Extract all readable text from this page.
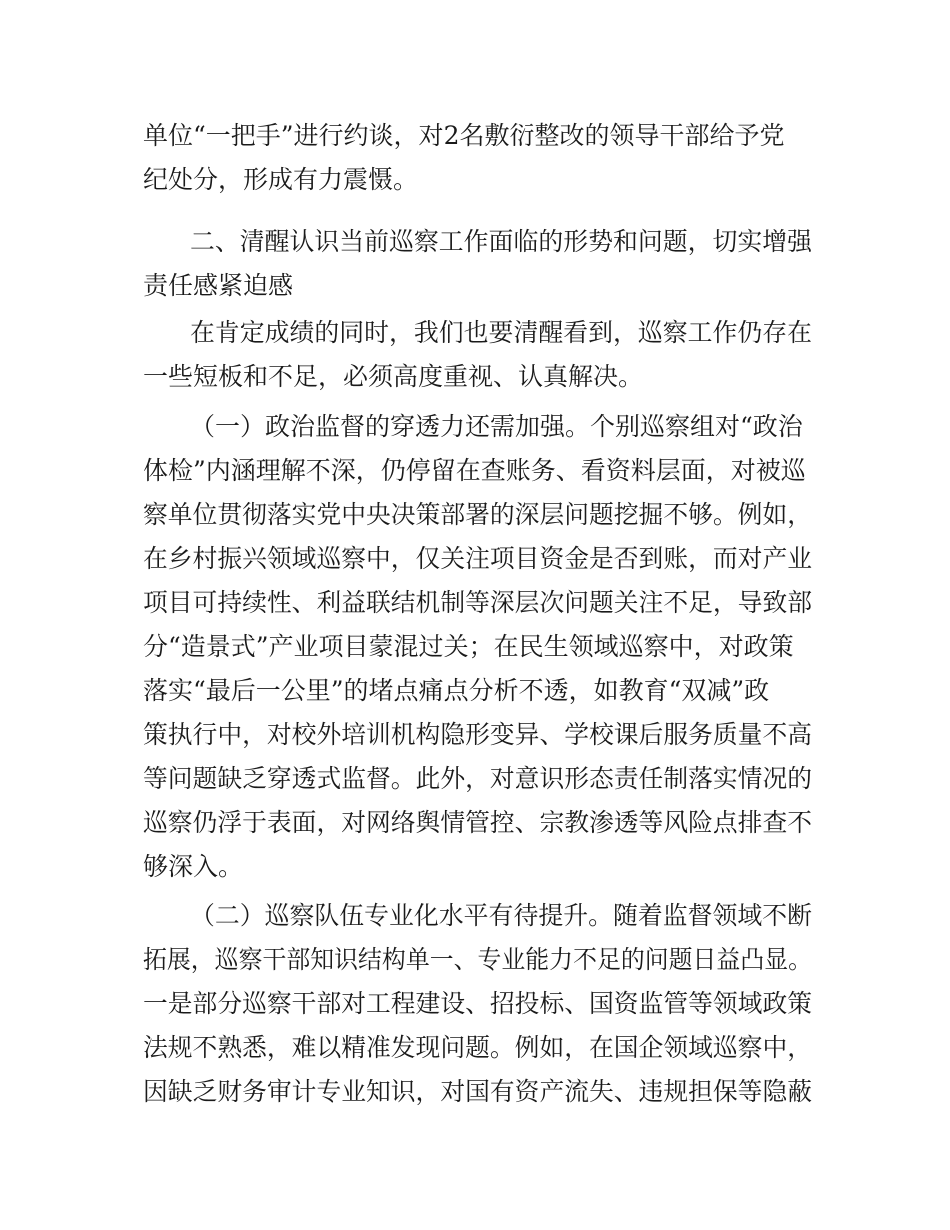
单位“一把手”进行约谈，对2名敷衍整改的领导干部给予党
纪处分，形成有力震慑。
二、清醒认识当前巡察工作面临的形势和问题，切实增强
责任感紧迫感
在肯定成绩的同时，我们也要清醒看到，巡察工作仍存在
一些短板和不足，必须高度重视、认真解决。
（一）政治监督的穿透力还需加强。个别巡察组对“政治
体检”内涵理解不深，仍停留在查账务、看资料层面，对被巡
察单位贯彻落实党中央决策部署的深层问题挖掘不够。例如，
在乡村振兴领域巡察中，仅关注项目资金是否到账，而对产业
项目可持续性、利益联结机制等深层次问题关注不足，导致部
分“造景式”产业项目蒙混过关；在民生领域巡察中，对政策
落实“最后一公里”的堵点痛点分析不透，如教育“双减”政
策执行中，对校外培训机构隐形变异、学校课后服务质量不高
等问题缺乏穿透式监督。此外，对意识形态责任制落实情况的
巡察仍浮于表面，对网络舆情管控、宗教渗透等风险点排查不
够深入。
（二）巡察队伍专业化水平有待提升。随着监督领域不断
拓展，巡察干部知识结构单一、专业能力不足的问题日益凸显。
一是部分巡察干部对工程建设、招投标、国资监管等领域政策
法规不熟悉，难以精准发现问题。例如，在国企领域巡察中，
因缺乏财务审计专业知识，对国有资产流失、违规担保等隐蔽
